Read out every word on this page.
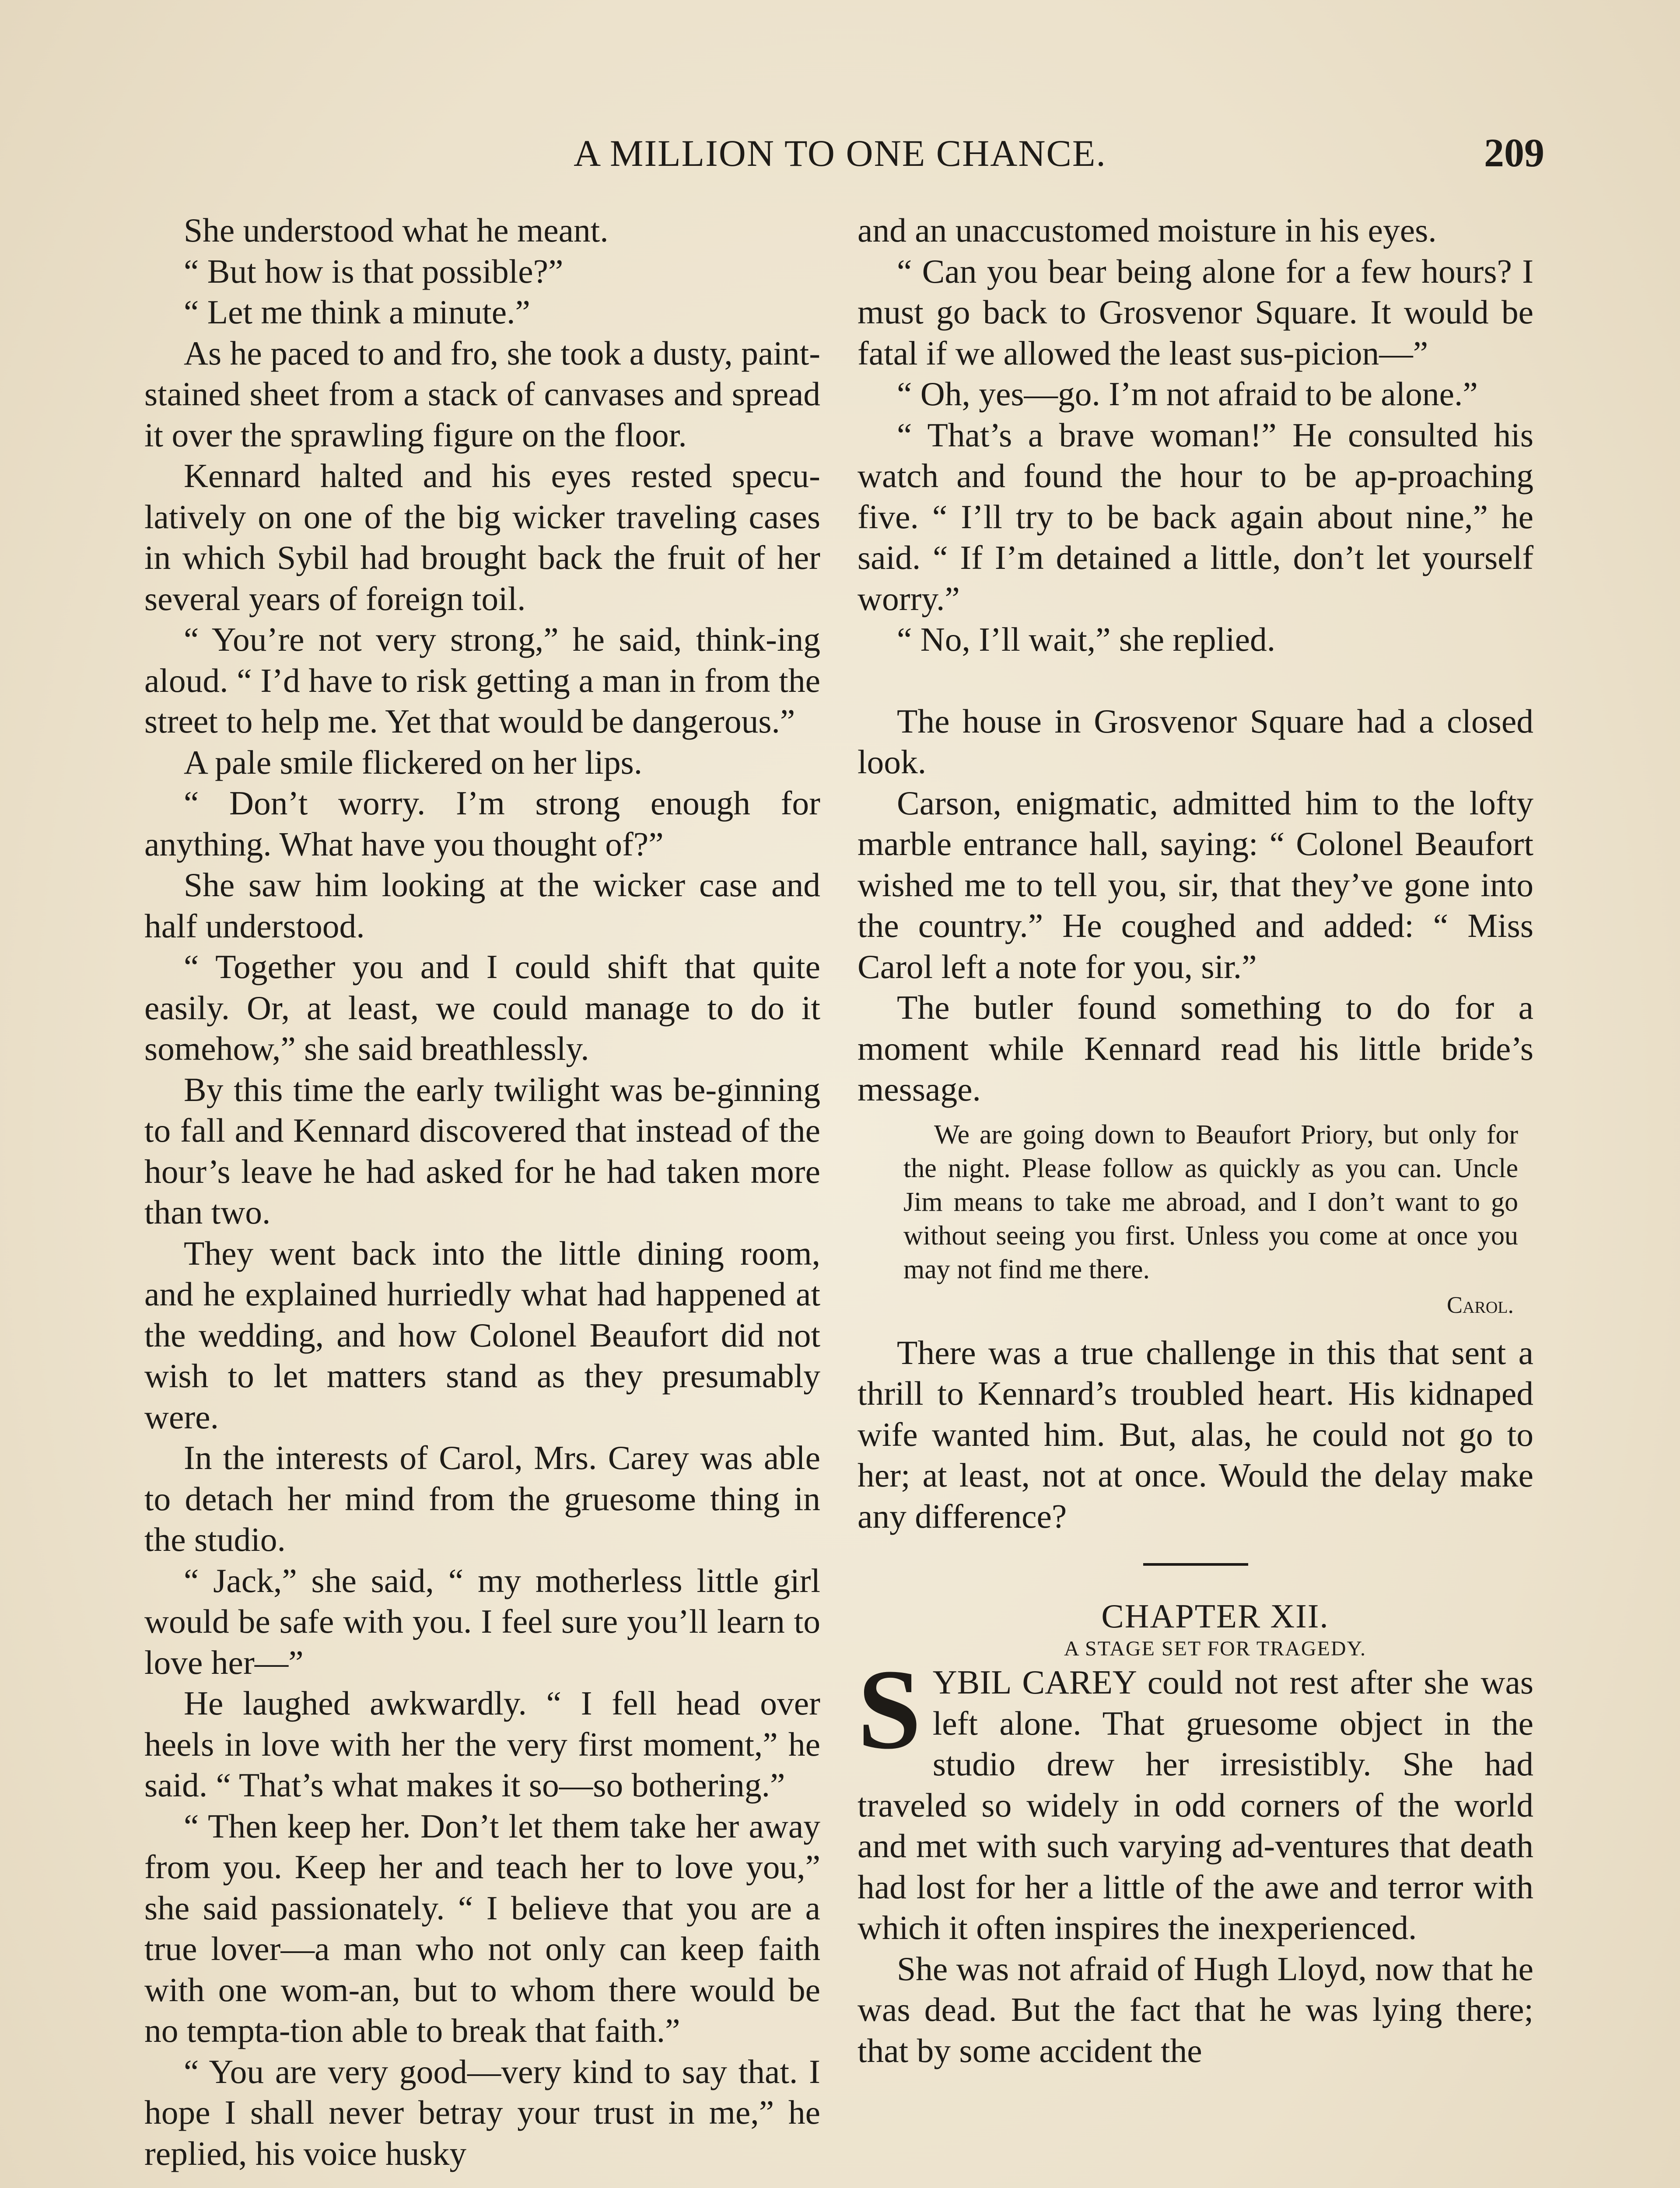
A MILLION TO ONE CHANCE.	209

She understood what he meant.

“ But how is that possible?”

“ Let me think a minute.”

As he paced to and fro, she took a dusty, paint-stained sheet from a stack of canvases and spread it over the sprawling figure on the floor.

Kennard halted and his eyes rested specu-latively on one of the big wicker traveling cases in which Sybil had brought back the fruit of her several years of foreign toil.

“ You’re not very strong,” he said, think-ing aloud. “ I’d have to risk getting a man in from the street to help me. Yet that would be dangerous.”

A pale smile flickered on her lips.

“ Don’t worry. I’m strong enough for anything. What have you thought of?”

She saw him looking at the wicker case and half understood.

“ Together you and I could shift that quite easily. Or, at least, we could manage to do it somehow,” she said breathlessly.

By this time the early twilight was be-ginning to fall and Kennard discovered that instead of the hour’s leave he had asked for he had taken more than two.

They went back into the little dining room, and he explained hurriedly what had happened at the wedding, and how Colonel Beaufort did not wish to let matters stand as they presumably were.

In the interests of Carol, Mrs. Carey was able to detach her mind from the gruesome thing in the studio.

“ Jack,” she said, “ my motherless little girl would be safe with you. I feel sure you’ll learn to love her—”

He laughed awkwardly. “ I fell head over heels in love with her the very first moment,” he said. “ That’s what makes it so—so bothering.”

“ Then keep her. Don’t let them take her away from you. Keep her and teach her to love you,” she said passionately. “ I believe that you are a true lover—a man who not only can keep faith with one wom-an, but to whom there would be no tempta-tion able to break that faith.”

“ You are very good—very kind to say that. I hope I shall never betray your trust in me,” he replied, his voice husky

and an unaccustomed moisture in his eyes.

“ Can you bear being alone for a few hours? I must go back to Grosvenor Square. It would be fatal if we allowed the least sus-picion—”

“ Oh, yes—go. I’m not afraid to be alone.”

“ That’s a brave woman!” He consulted his watch and found the hour to be ap-proaching five. “ I’ll try to be back again about nine,” he said. “ If I’m detained a little, don’t let yourself worry.”

“ No, I’ll wait,” she replied.

The house in Grosvenor Square had a closed look.

Carson, enigmatic, admitted him to the lofty marble entrance hall, saying: “ Colonel Beaufort wished me to tell you, sir, that they’ve gone into the country.” He coughed and added: “ Miss Carol left a note for you, sir.”

The butler found something to do for a moment while Kennard read his little bride’s message.

We are going down to Beaufort Priory, but only for the night. Please follow as quickly as you can. Uncle Jim means to take me abroad, and I don’t want to go without seeing you first. Unless you come at once you may not find me there.

Carol.

There was a true challenge in this that sent a thrill to Kennard’s troubled heart. His kidnaped wife wanted him. But, alas, he could not go to her; at least, not at once. Would the delay make any difference?

CHAPTER XII.

A STAGE SET FOR TRAGEDY.

S YBIL CAREY could not rest after she was left alone. That gruesome object in the studio drew her irresistibly. She had traveled so widely in odd corners of the world and met with such varying ad-ventures that death had lost for her a little of the awe and terror with which it often inspires the inexperienced.

She was not afraid of Hugh Lloyd, now that he was dead. But the fact that he was lying there; that by some accident the
